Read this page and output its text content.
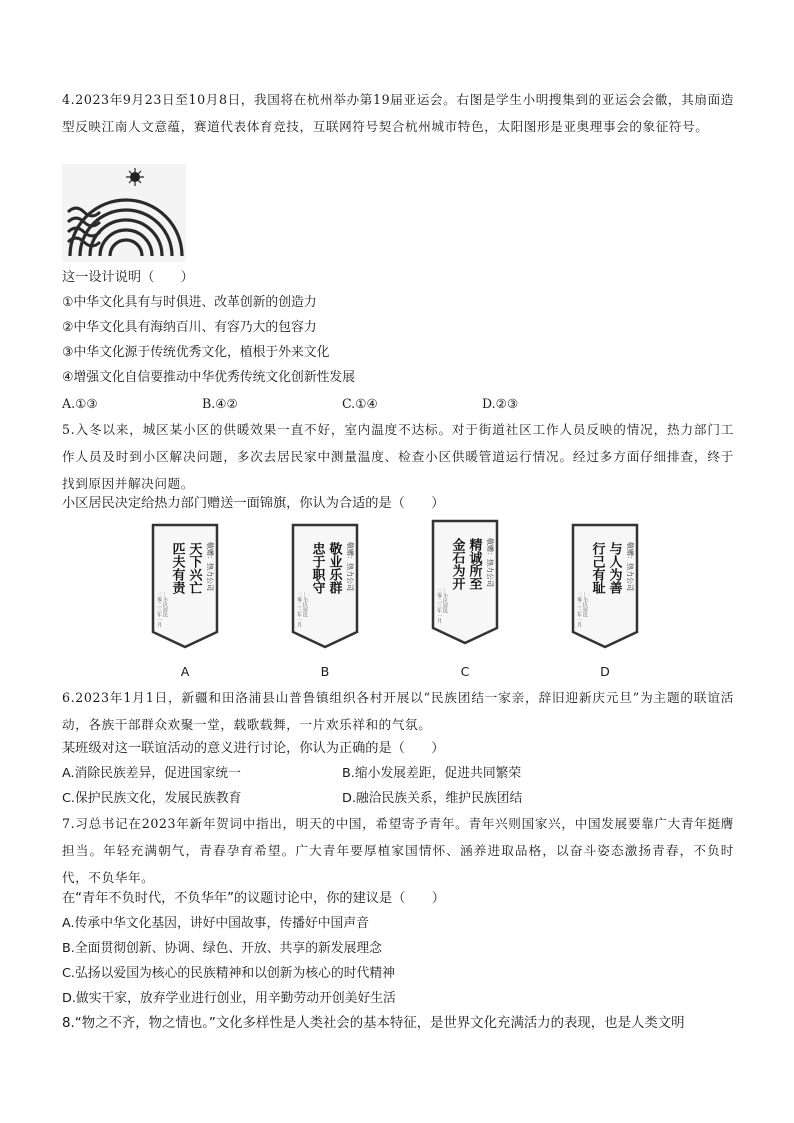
4.2023年9月23日至10月8日，我国将在杭州举办第19届亚运会。右图是学生小明搜集到的亚运会会徽，其扇面造型反映江南人文意蕴，赛道代表体育竞技，互联网符号契合杭州城市特色，太阳图形是亚奥理事会的象征符号。

这一设计说明（　　）

①中华文化具有与时俱进、改革创新的创造力

②中华文化具有海纳百川、有容乃大的包容力

③中华文化源于传统优秀文化，植根于外来文化

④增强文化自信要推动中华优秀传统文化创新性发展

A.①③	B.④②	C.①④	D.②③

5.入冬以来，城区某小区的供暖效果一直不好，室内温度不达标。对于街道社区工作人员反映的情况，热力部门工作人员及时到小区解决问题，多次去居民家中测量温度、检查小区供暖管道运行情况。经过多方面仔细排查，终于找到原因并解决问题。

小区居民决定给热力部门赠送一面锦旗，你认为合适的是（　　）

敬赠：热力公司
天下兴亡
匹夫有责
…小区居民
二零二三年一月
A
敬赠：热力公司
敬业乐群
忠于职守
…小区居民
二零二三年一月
B
敬赠：热力公司
精诚所至
金石为开
…小区居民
二零二三年一月
C
敬赠：热力公司
与人为善
行己有耻
…小区居民
二零二三年一月
D

6.2023年1月1日，新疆和田洛浦县山普鲁镇组织各村开展以“民族团结一家亲，辞旧迎新庆元旦”为主题的联谊活动，各族干部群众欢聚一堂，载歌载舞，一片欢乐祥和的气氛。

某班级对这一联谊活动的意义进行讨论，你认为正确的是（　　）

A.消除民族差异，促进国家统一	B.缩小发展差距，促进共同繁荣

C.保护民族文化，发展民族教育	D.融洽民族关系，维护民族团结

7.习总书记在2023年新年贺词中指出，明天的中国，希望寄予青年。青年兴则国家兴，中国发展要靠广大青年挺膺担当。年轻充满朝气，青春孕育希望。广大青年要厚植家国情怀、涵养进取品格，以奋斗姿态激扬青春，不负时代，不负华年。

在“青年不负时代，不负华年”的议题讨论中，你的建议是（　　）

A.传承中华文化基因，讲好中国故事，传播好中国声音

B.全面贯彻创新、协调、绿色、开放、共享的新发展理念

C.弘扬以爱国为核心的民族精神和以创新为核心的时代精神

D.做实干家，放弃学业进行创业，用辛勤劳动开创美好生活

8.“物之不齐，物之情也。”文化多样性是人类社会的基本特征，是世界文化充满活力的表现，也是人类文明
